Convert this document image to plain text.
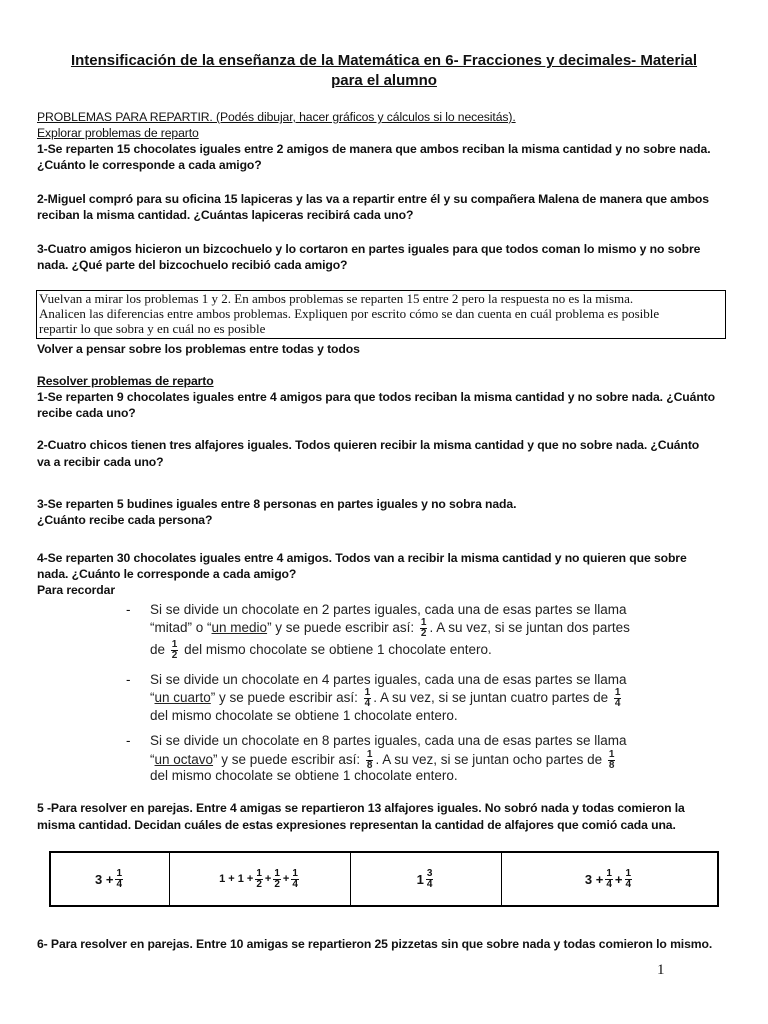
Intensificación de la enseñanza de la Matemática en 6- Fracciones y decimales- Material
para el alumno
PROBLEMAS PARA REPARTIR. (Podés dibujar, hacer gráficos y cálculos si lo necesitás).
Explorar problemas de reparto
1-Se reparten 15 chocolates iguales entre 2 amigos de manera que ambos reciban la misma cantidad y no sobre nada.
¿Cuánto le corresponde a cada amigo?
2-Miguel compró para su oficina 15 lapiceras y las va a repartir entre él y su compañera Malena de manera que ambos
reciban la misma cantidad. ¿Cuántas lapiceras recibirá cada uno?
3-Cuatro amigos hicieron un bizcochuelo y lo cortaron en partes iguales para que todos coman lo mismo y no sobre
nada. ¿Qué parte del bizcochuelo recibió cada amigo?
Vuelvan a mirar los problemas 1 y 2. En ambos problemas se reparten 15 entre 2 pero la respuesta no es la misma.
Analicen las diferencias entre ambos problemas. Expliquen por escrito cómo se dan cuenta en cuál problema es posible
repartir lo que sobra y en cuál no es posible
Volver a pensar sobre los problemas entre todas y todos
Resolver problemas de reparto
1-Se reparten 9 chocolates iguales entre 4 amigos para que todos reciban la misma cantidad y no sobre nada. ¿Cuánto
recibe cada uno?
2-Cuatro chicos tienen tres alfajores iguales. Todos quieren recibir la misma cantidad y que no sobre nada. ¿Cuánto
va a recibir cada uno?
3-Se reparten 5 budines iguales entre 8 personas en partes iguales y no sobra nada.
¿Cuánto recibe cada persona?
4-Se reparten 30 chocolates iguales entre 4 amigos. Todos van a recibir la misma cantidad y no quieren que sobre
nada. ¿Cuánto le corresponde a cada amigo?
Para recordar
- Si se divide un chocolate en 2 partes iguales, cada una de esas partes se llama
“mitad” o “un medio” y se puede escribir así: $\frac{1}{2}$ . A su vez, si se juntan dos partes
de $\frac{1}{2}$ del mismo chocolate se obtiene 1 chocolate entero.
- Si se divide un chocolate en 4 partes iguales, cada una de esas partes se llama
“un cuarto” y se puede escribir así: $\frac{1}{4}$ . A su vez, si se juntan cuatro partes de $\frac{1}{4}$
del mismo chocolate se obtiene 1 chocolate entero.
- Si se divide un chocolate en 8 partes iguales, cada una de esas partes se llama
“un octavo” y se puede escribir así: $\frac{1}{8}$ . A su vez, si se juntan ocho partes de $\frac{1}{8}$
del mismo chocolate se obtiene 1 chocolate entero.
5 -Para resolver en parejas. Entre 4 amigas se repartieron 13 alfajores iguales. No sobró nada y todas comieron la
misma cantidad. Decidan cuáles de estas expresiones representan la cantidad de alfajores que comió cada una.
$3 + \frac{1}{4}$	$1 + 1 + \frac{1}{2} + \frac{1}{2} + \frac{1}{4}$	$1 \frac{3}{4}$	$3 + \frac{1}{4} + \frac{1}{4}$
6- Para resolver en parejas. Entre 10 amigas se repartieron 25 pizzetas sin que sobre nada y todas comieron lo mismo.
1
